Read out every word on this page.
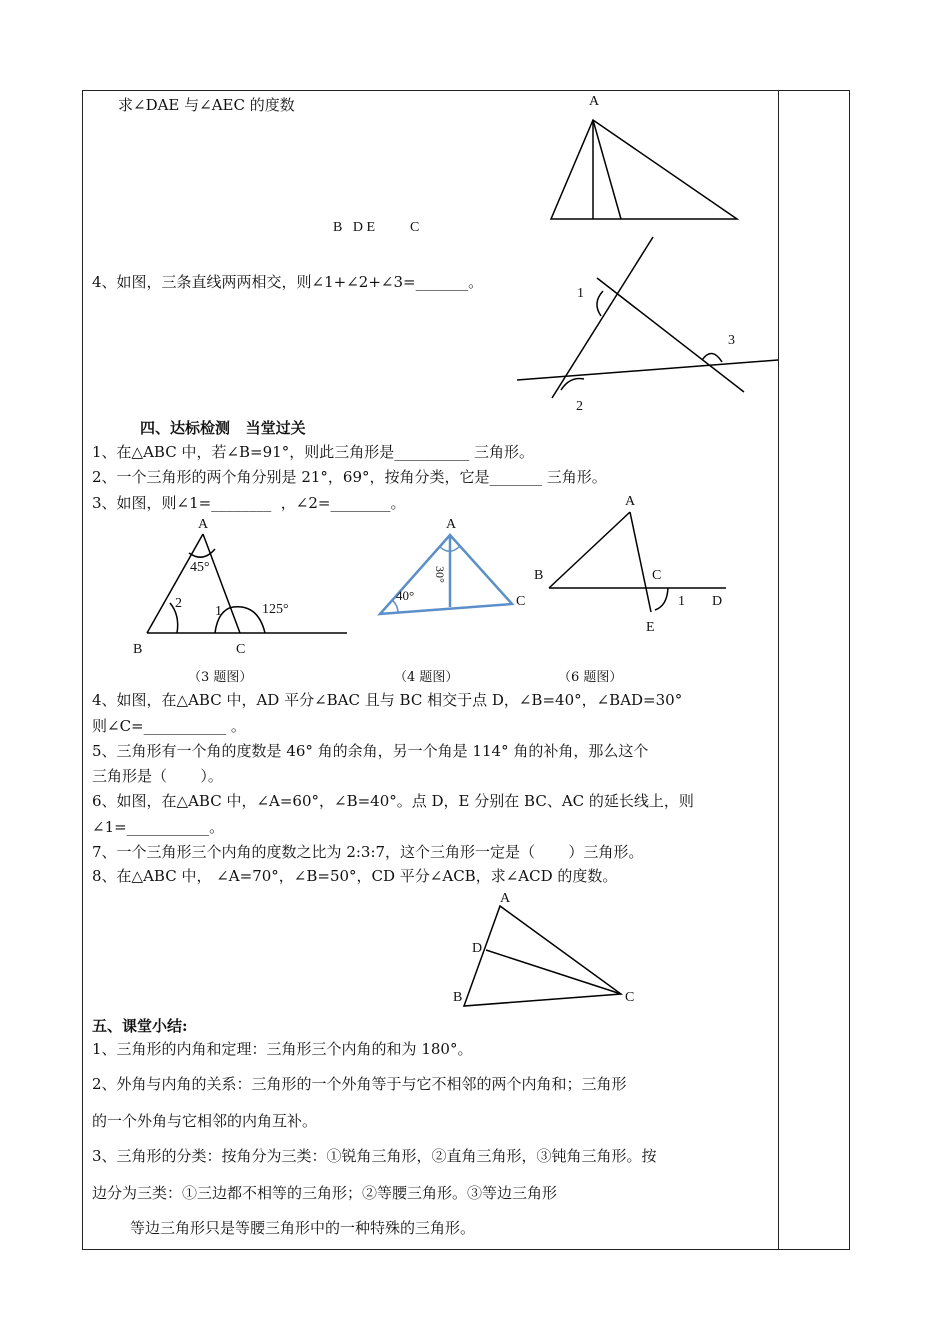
求∠DAE 与∠AEC 的度数	A
B   D E          C
4、如图，三条直线两两相交，则∠1+∠2+∠3=_______。
1
2
3
四、达标检测   当堂过关
1、在△ABC 中，若∠B=91°，则此三角形是__________ 三角形。
2、一个三角形的两个角分别是 21°，69°，按角分类，它是_______ 三角形。
3、如图，则∠1=________  ，∠2=________。
A
45°
2
1	125°
B	C
（3 题图）
A
30°
40°	C
（4 题图）
A
B	C
1 D
E
（6 题图）
4、如图，在△ABC 中，AD 平分∠BAC 且与 BC 相交于点 D，∠B=40°，∠BAD=30°
则∠C=___________ 。
5、三角形有一个角的度数是 46° 角的余角，另一个角是 114° 角的补角，那么这个
三角形是（       ）。
6、如图，在△ABC 中，∠A=60°，∠B=40°。点 D，E 分别在 BC、AC 的延长线上，则
∠1=___________。
7、一个三角形三个内角的度数之比为 2:3:7，这个三角形一定是（       ）三角形。
8、在△ABC 中， ∠A=70°，∠B=50°，CD 平分∠ACB，求∠ACD 的度数。
A
D
B	C
五、课堂小结:
1、三角形的内角和定理：三角形三个内角的和为 180°。
2、外角与内角的关系：三角形的一个外角等于与它不相邻的两个内角和；三角形
的一个外角与它相邻的内角互补。
3、三角形的分类：按角分为三类：①锐角三角形，②直角三角形，③钝角三角形。按
边分为三类：①三边都不相等的三角形；②等腰三角形。③等边三角形
等边三角形只是等腰三角形中的一种特殊的三角形。
